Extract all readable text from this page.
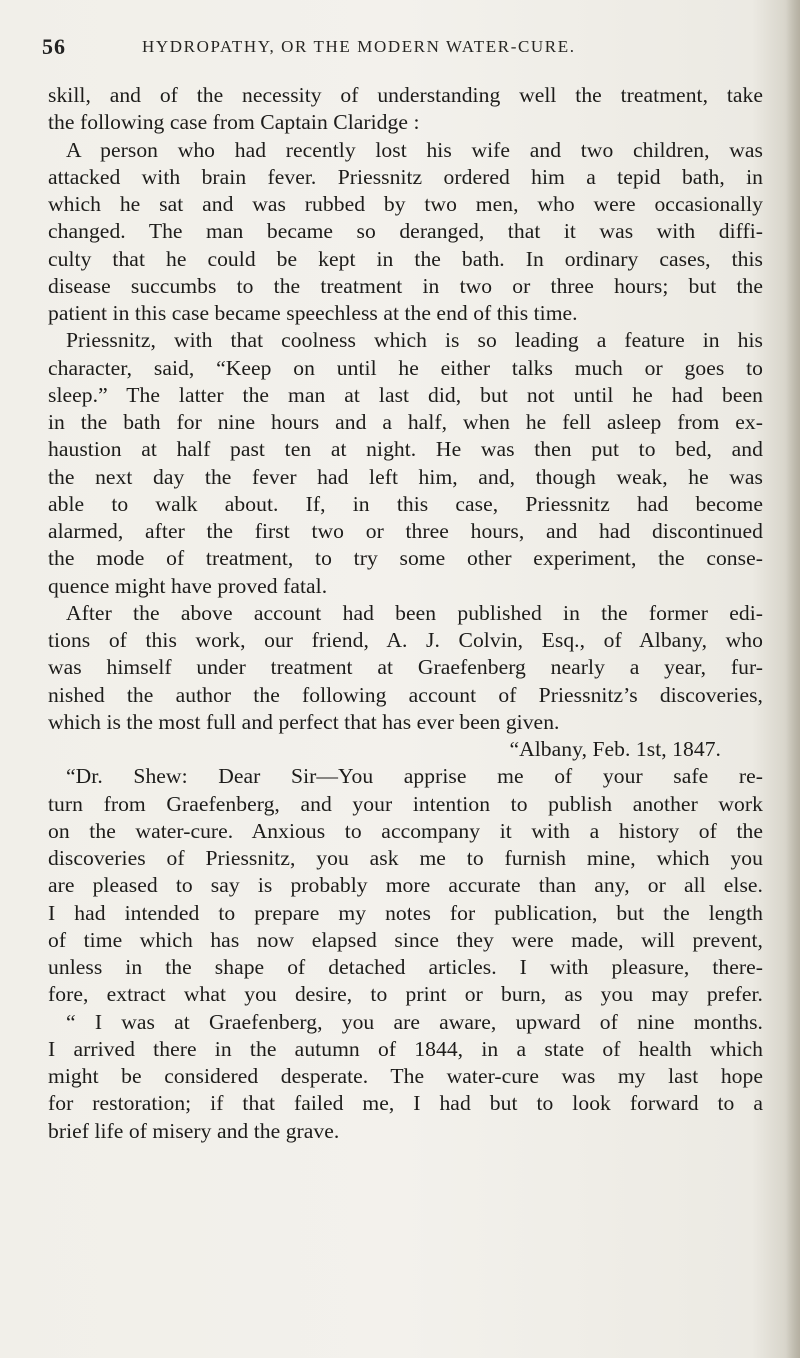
56	HYDROPATHY, OR THE MODERN WATER-CURE.
skill, and of the necessity of understanding well the treatment, take
the following case from Captain Claridge :
A person who had recently lost his wife and two children, was
attacked with brain fever. Priessnitz ordered him a tepid bath, in
which he sat and was rubbed by two men, who were occasionally
changed. The man became so deranged, that it was with diffi-
culty that he could be kept in the bath. In ordinary cases, this
disease succumbs to the treatment in two or three hours; but the
patient in this case became speechless at the end of this time.
Priessnitz, with that coolness which is so leading a feature in his
character, said, “Keep on until he either talks much or goes to
sleep.” The latter the man at last did, but not until he had been
in the bath for nine hours and a half, when he fell asleep from ex-
haustion at half past ten at night. He was then put to bed, and
the next day the fever had left him, and, though weak, he was
able to walk about. If, in this case, Priessnitz had become
alarmed, after the first two or three hours, and had discontinued
the mode of treatment, to try some other experiment, the conse-
quence might have proved fatal.
After the above account had been published in the former edi-
tions of this work, our friend, A. J. Colvin, Esq., of Albany, who
was himself under treatment at Graefenberg nearly a year, fur-
nished the author the following account of Priessnitz’s discoveries,
which is the most full and perfect that has ever been given.
“Albany, Feb. 1st, 1847.
“Dr. Shew: Dear Sir—You apprise me of your safe re-
turn from Graefenberg, and your intention to publish another work
on the water-cure. Anxious to accompany it with a history of the
discoveries of Priessnitz, you ask me to furnish mine, which you
are pleased to say is probably more accurate than any, or all else.
I had intended to prepare my notes for publication, but the length
of time which has now elapsed since they were made, will prevent,
unless in the shape of detached articles. I with pleasure, there-
fore, extract what you desire, to print or burn, as you may prefer.
“ I was at Graefenberg, you are aware, upward of nine months.
I arrived there in the autumn of 1844, in a state of health which
might be considered desperate. The water-cure was my last hope
for restoration; if that failed me, I had but to look forward to a
brief life of misery and the grave.
